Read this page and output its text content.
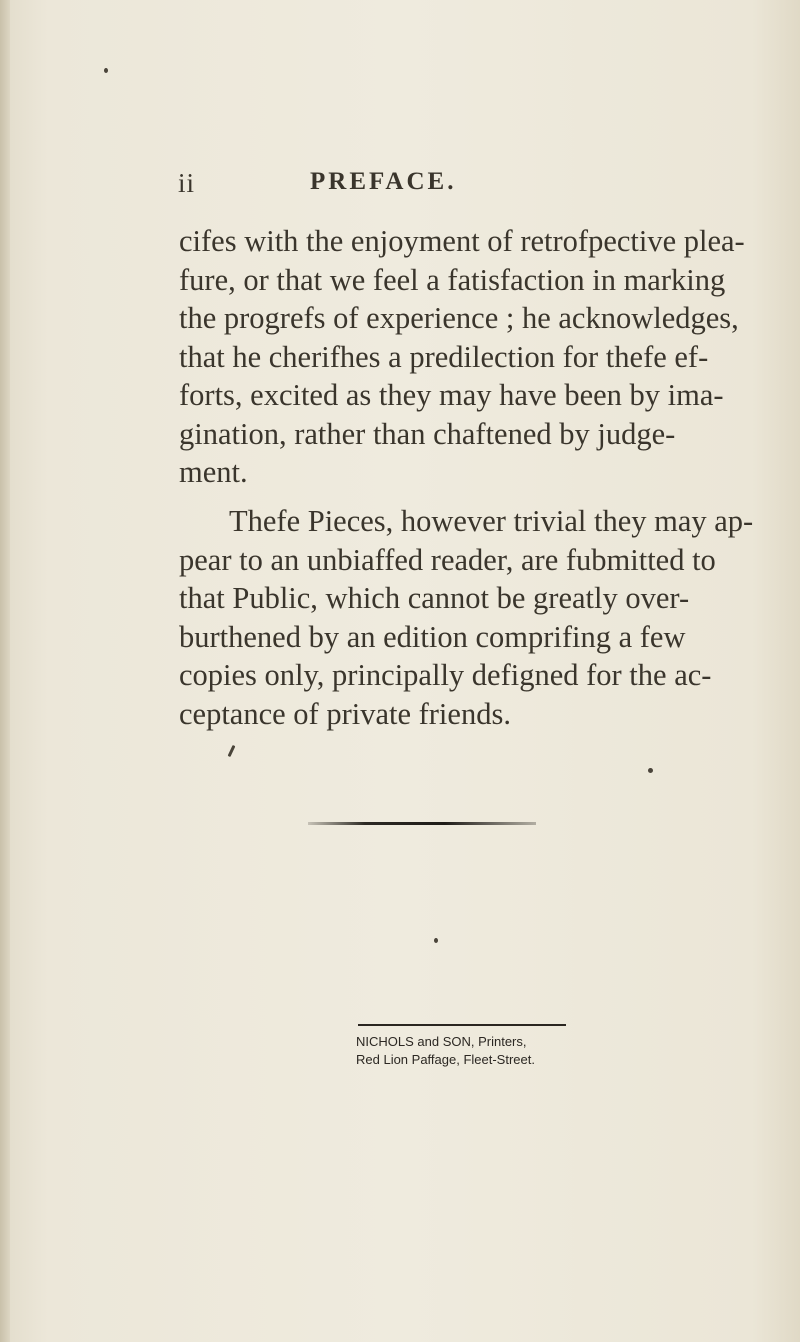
ii	PREFACE.
cifes with the enjoyment of retrofpective plea-
fure, or that we feel a fatisfaction in marking
the progrefs of experience ; he acknowledges,
that he cherifhes a predilection for thefe ef-
forts, excited as they may have been by ima-
gination, rather than chaftened by judge-
ment.
Thefe Pieces, however trivial they may ap-
pear to an unbiaffed reader, are fubmitted to
that Public, which cannot be greatly over-
burthened by an edition comprifing a few
copies only, principally defigned for the ac-
ceptance of private friends.
NICHOLS and SON, Printers,
Red Lion Paffage, Fleet-Street.
